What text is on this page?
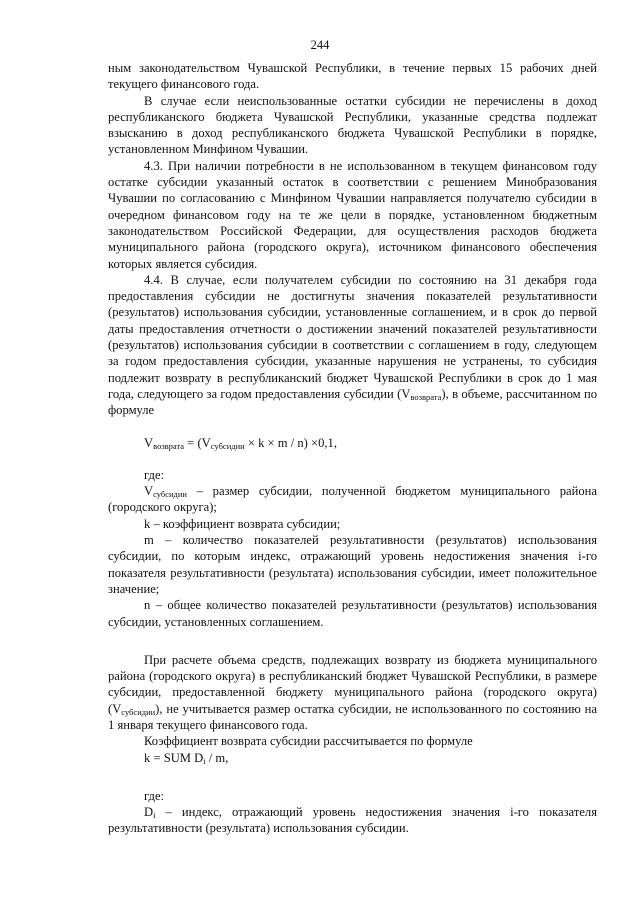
244

ным законодательством Чувашской Республики, в течение первых 15 рабочих дней текущего финансового года.

В случае если неиспользованные остатки субсидии не перечислены в доход республиканского бюджета Чувашской Республики, указанные средства подлежат взысканию в доход республиканского бюджета Чувашской Республики в порядке, установленном Минфином Чувашии.

4.3. При наличии потребности в не использованном в текущем финансовом году остатке субсидии указанный остаток в соответствии с решением Минобразования Чувашии по согласованию с Минфином Чувашии направляется получателю субсидии в очередном финансовом году на те же цели в порядке, установленном бюджетным законодательством Российской Федерации, для осуществления расходов бюджета муниципального района (городского округа), источником финансового обеспечения которых является субсидия.

4.4. В случае, если получателем субсидии по состоянию на 31 декабря года предоставления субсидии не достигнуты значения показателей результативности (результатов) использования субсидии, установленные соглашением, и в срок до первой даты предоставления отчетности о достижении значений показателей результативности (результатов) использования субсидии в соответствии с соглашением в году, следующем за годом предоставления субсидии, указанные нарушения не устранены, то субсидия подлежит возврату в республиканский бюджет Чувашской Республики в срок до 1 мая года, следующего за годом предоставления субсидии $(V_{возврата})$, в объеме, рассчитанном по формуле

$V_{возврата} = (V_{субсидии} \times k \times m / n) \times 0,1$,

где:

$V_{субсидии}$ – размер субсидии, полученной бюджетом муниципального района (городского округа);

k – коэффициент возврата субсидии;

m – количество показателей результативности (результатов) использования субсидии, по которым индекс, отражающий уровень недостижения значения i-го показателя результативности (результата) использования субсидии, имеет положительное значение;

n – общее количество показателей результативности (результатов) использования субсидии, установленных соглашением.

При расчете объема средств, подлежащих возврату из бюджета муниципального района (городского округа) в республиканский бюджет Чувашской Республики, в размере субсидии, предоставленной бюджету муниципального района (городского округа) $(V_{субсидии})$, не учитывается размер остатка субсидии, не использованного по состоянию на 1 января текущего финансового года.

Коэффициент возврата субсидии рассчитывается по формуле

k = SUM $D_i$ / m,

где:

$D_i$ – индекс, отражающий уровень недостижения значения i-го показателя результативности (результата) использования субсидии.
